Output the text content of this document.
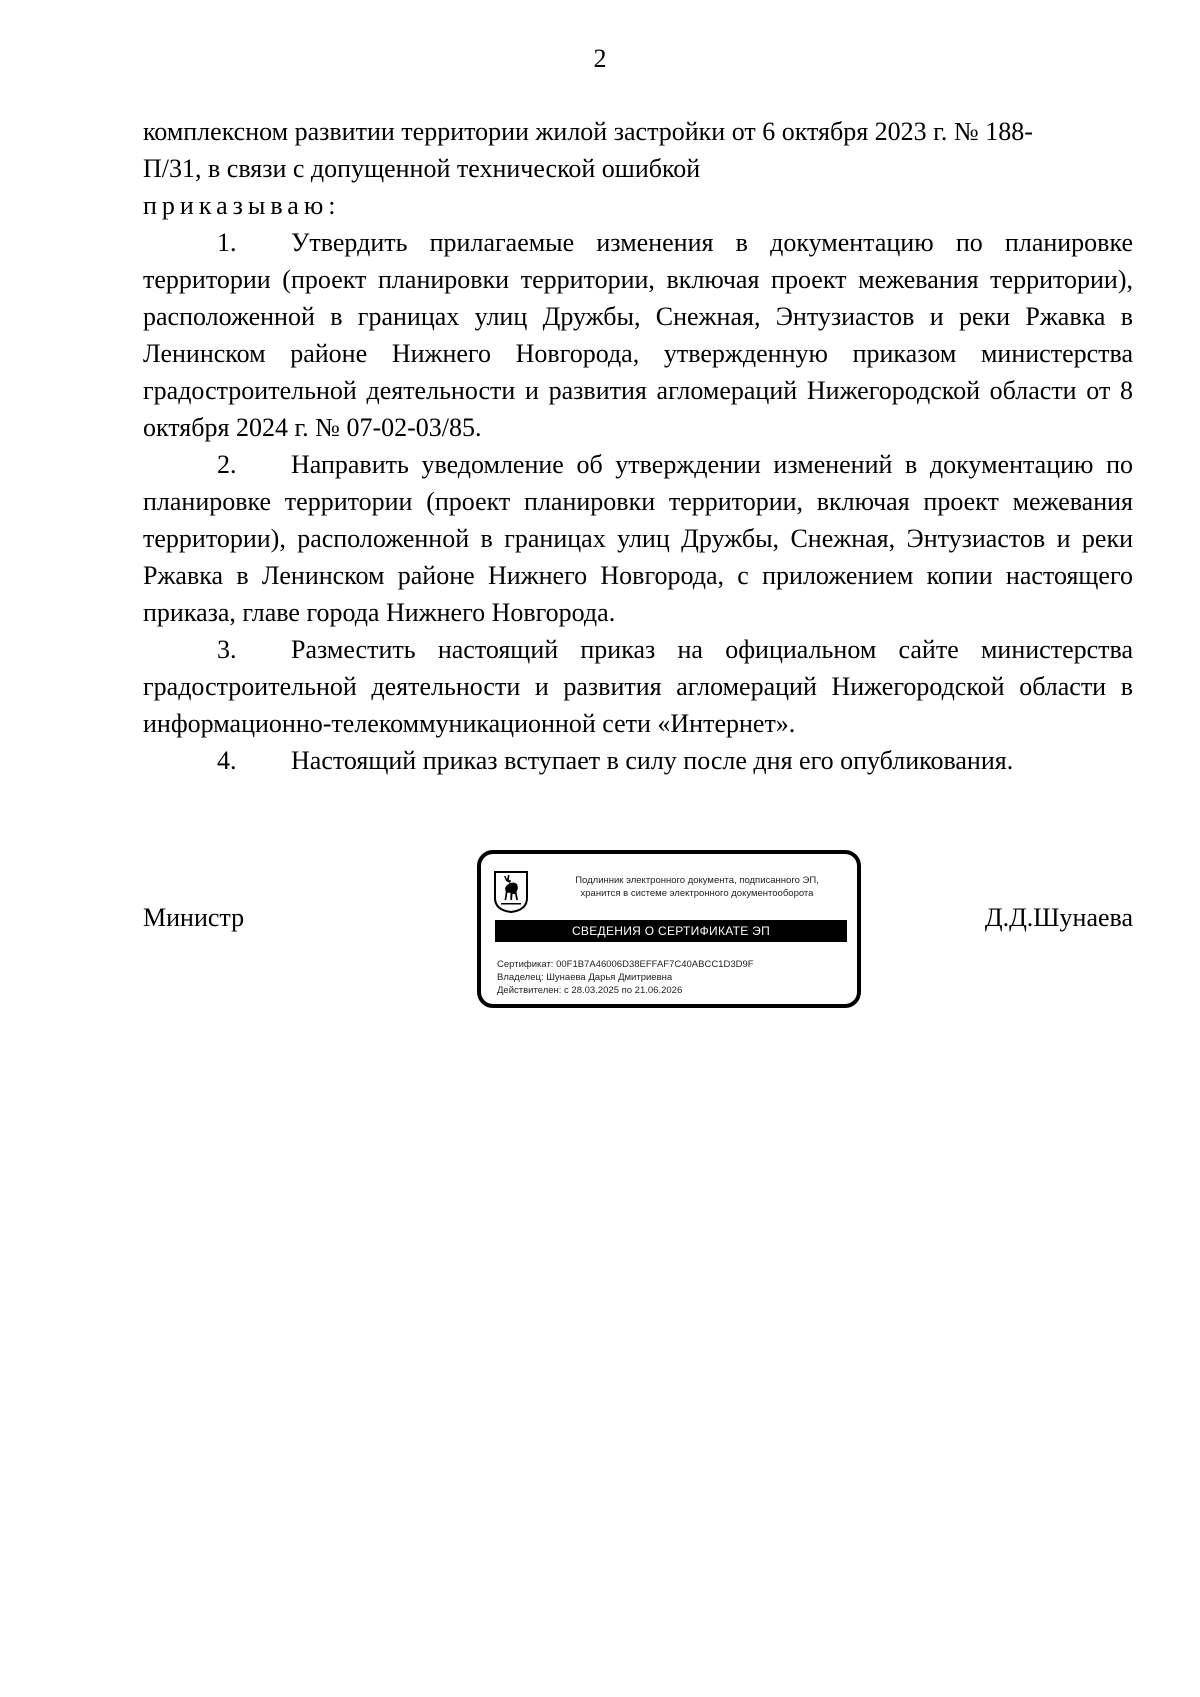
2

комплексном развитии территории жилой застройки от 6 октября 2023 г. № 188-
П/31, в связи с допущенной технической ошибкой
приказываю:

1. Утвердить прилагаемые изменения в документацию по планировке территории (проект планировки территории, включая проект межевания территории), расположенной в границах улиц Дружбы, Снежная, Энтузиастов и реки Ржавка в Ленинском районе Нижнего Новгорода, утвержденную приказом министерства градостроительной деятельности и развития агломераций Нижегородской области от 8 октября 2024 г. № 07-02-03/85.

2. Направить уведомление об утверждении изменений в документацию по планировке территории (проект планировки территории, включая проект межевания территории), расположенной в границах улиц Дружбы, Снежная, Энтузиастов и реки Ржавка в Ленинском районе Нижнего Новгорода, с приложением копии настоящего приказа, главе города Нижнего Новгорода.

3. Разместить настоящий приказ на официальном сайте министерства градостроительной деятельности и развития агломераций Нижегородской области в информационно-телекоммуникационной сети «Интернет».

4. Настоящий приказ вступает в силу после дня его опубликования.

Министр	Д.Д.Шунаева
Подлинник электронного документа, подписанного ЭП,
хранится в системе электронного документооборота
СВЕДЕНИЯ О СЕРТИФИКАТЕ ЭП
Сертификат: 00F1B7A46006D38EFFAF7C40ABCC1D3D9F
Владелец: Шунаева Дарья Дмитриевна
Действителен: с 28.03.2025 по 21.06.2026
